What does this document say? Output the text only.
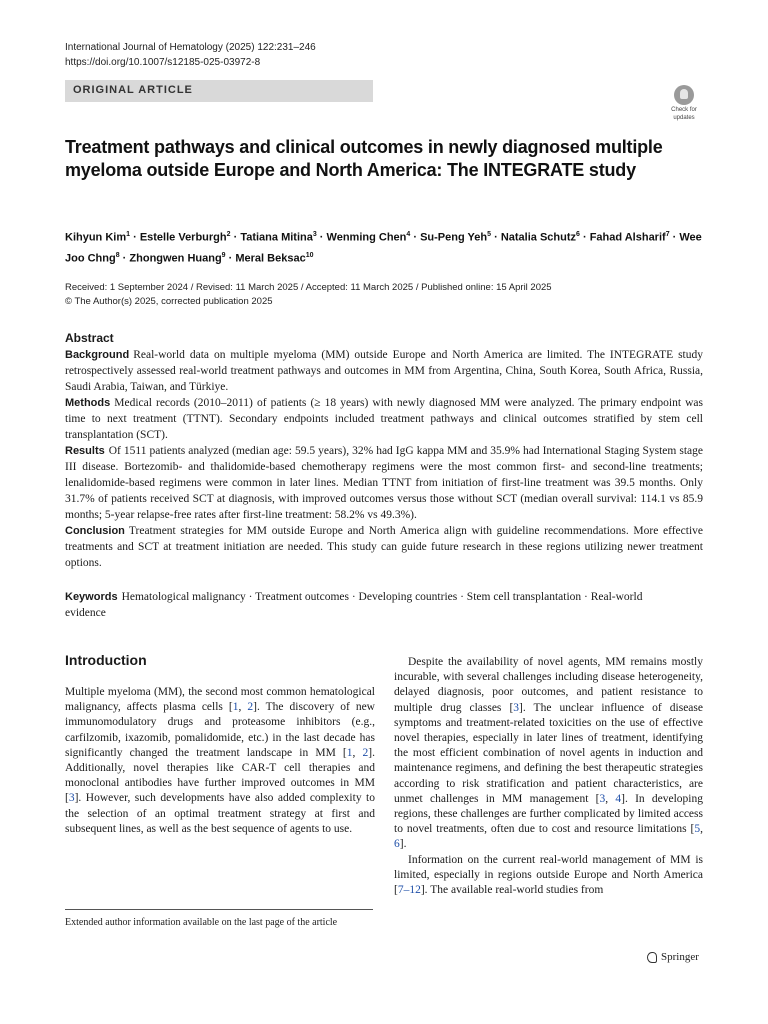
International Journal of Hematology (2025) 122:231–246
https://doi.org/10.1007/s12185-025-03972-8
ORIGINAL ARTICLE
Check for
updates
Treatment pathways and clinical outcomes in newly diagnosed multiple myeloma outside Europe and North America: The INTEGRATE study
Kihyun Kim$^1$ · Estelle Verburgh$^2$ · Tatiana Mitina$^3$ · Wenming Chen$^4$ · Su-Peng Yeh$^5$ · Natalia Schutz$^6$ · Fahad Alsharif$^7$ · Wee Joo Chng$^8$ · Zhongwen Huang$^9$ · Meral Beksac$^{10}$
Received: 1 September 2024 / Revised: 11 March 2025 / Accepted: 11 March 2025 / Published online: 15 April 2025
© The Author(s) 2025, corrected publication 2025
Abstract

Background Real-world data on multiple myeloma (MM) outside Europe and North America are limited. The INTEGRATE study retrospectively assessed real-world treatment pathways and outcomes in MM from Argentina, China, South Korea, South Africa, Russia, Saudi Arabia, Taiwan, and Türkiye.

Methods Medical records (2010–2011) of patients (≥ 18 years) with newly diagnosed MM were analyzed. The primary endpoint was time to next treatment (TTNT). Secondary endpoints included treatment pathways and clinical outcomes stratified by stem cell transplantation (SCT).

Results Of 1511 patients analyzed (median age: 59.5 years), 32% had IgG kappa MM and 35.9% had International Staging System stage III disease. Bortezomib- and thalidomide-based chemotherapy regimens were the most common first- and second-line treatments; lenalidomide-based regimens were common in later lines. Median TTNT from initiation of first-line treatment was 39.5 months. Only 31.7% of patients received SCT at diagnosis, with improved outcomes versus those without SCT (median overall survival: 114.1 vs 85.9 months; 5-year relapse-free rates after first-line treatment: 58.2% vs 49.3%).

Conclusion Treatment strategies for MM outside Europe and North America align with guideline recommendations. More effective treatments and SCT at treatment initiation are needed. This study can guide future research in these regions utilizing newer treatment options.

Keywords Hematological malignancy · Treatment outcomes · Developing countries · Stem cell transplantation · Real-world evidence
Introduction

Multiple myeloma (MM), the second most common hematological malignancy, affects plasma cells [1, 2]. The discovery of new immunomodulatory drugs and proteasome inhibitors (e.g., carfilzomib, ixazomib, pomalidomide, etc.) in the last decade has significantly changed the treatment landscape in MM [1, 2]. Additionally, novel therapies like CAR-T cell therapies and monoclonal antibodies have further improved outcomes in MM [3]. However, such developments have also added complexity to the selection of an optimal treatment strategy at first and subsequent lines, as well as the best sequence of agents to use.

Despite the availability of novel agents, MM remains mostly incurable, with several challenges including disease heterogeneity, delayed diagnosis, poor outcomes, and patient resistance to multiple drug classes [3]. The unclear influence of disease symptoms and treatment-related toxicities on the use of effective novel therapies, especially in later lines of treatment, identifying the most efficient combination of novel agents in induction and maintenance regimens, and defining the best therapeutic strategies according to risk stratification and patient characteristics, are unmet challenges in MM management [3, 4]. In developing regions, these challenges are further complicated by limited access to novel treatments, often due to cost and resource limitations [5, 6].

Information on the current real-world management of MM is limited, especially in regions outside Europe and North America [7–12]. The available real-world studies from

Extended author information available on the last page of the article
Springer
